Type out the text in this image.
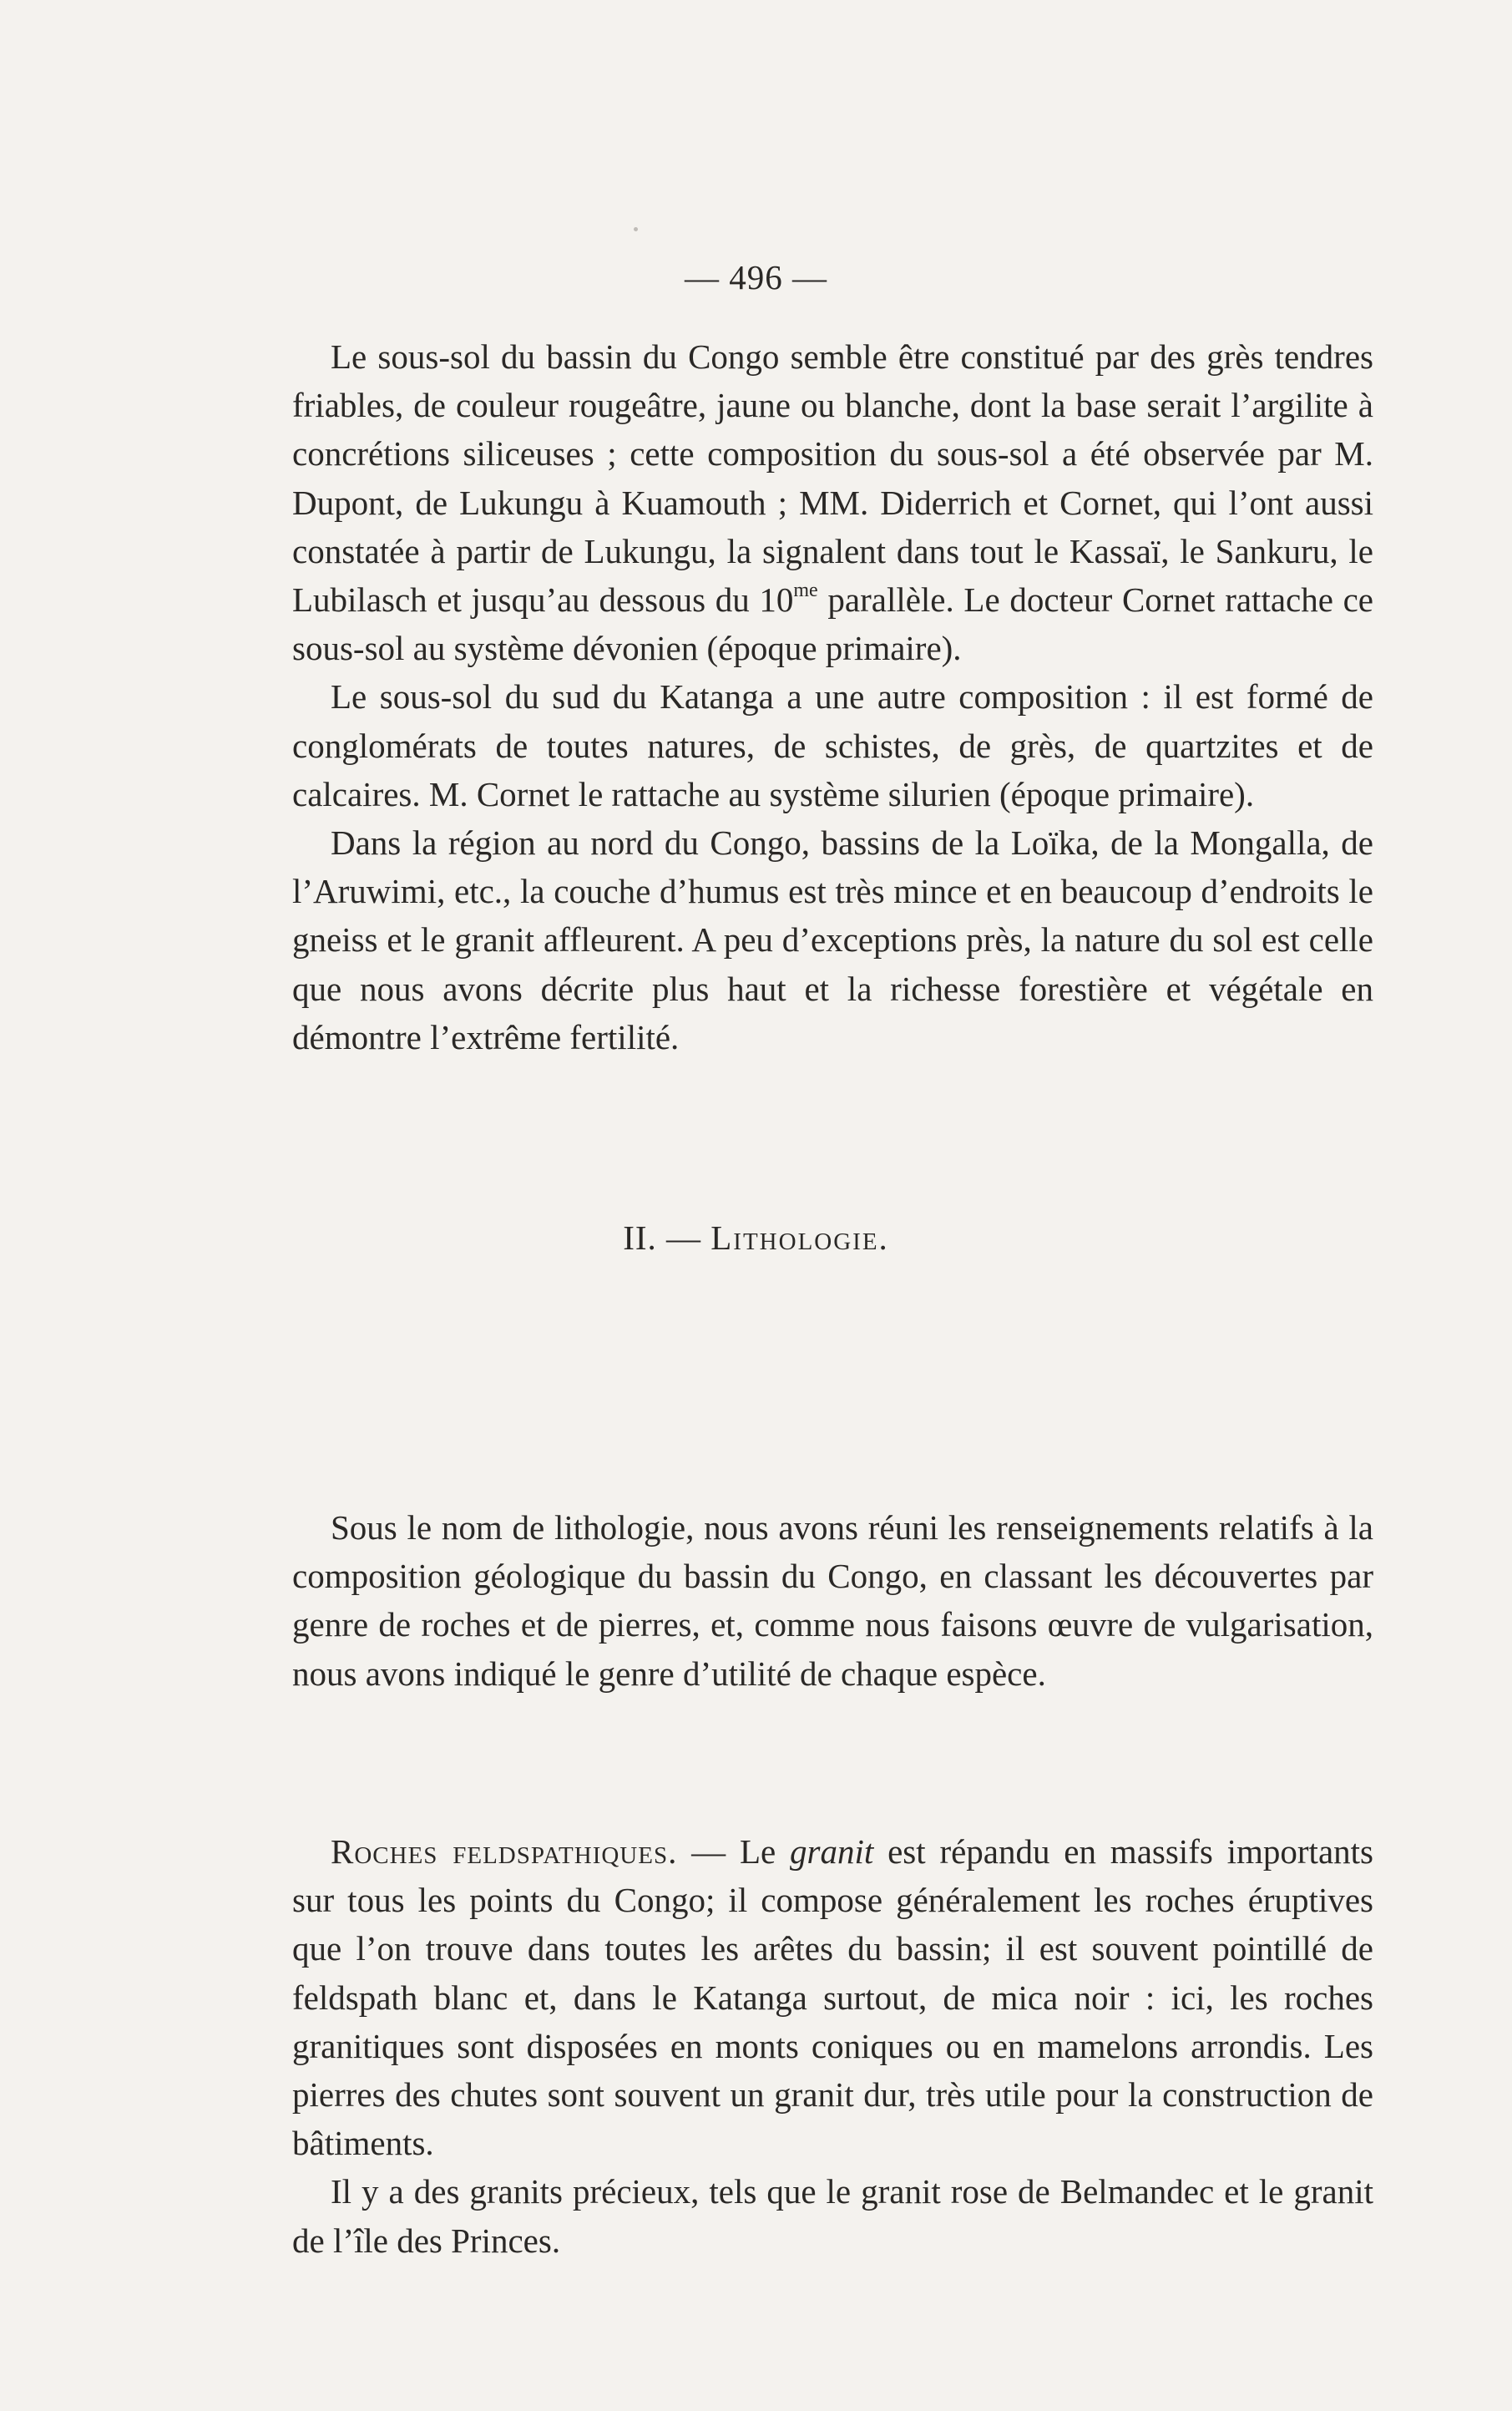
— 496 —

Le sous-sol du bassin du Congo semble être constitué par des grès tendres friables, de couleur rougeâtre, jaune ou blanche, dont la base serait l’argilite à concrétions siliceuses ; cette composition du sous-sol a été observée par M. Dupont, de Lukungu à Kuamouth ; MM. Diderrich et Cornet, qui l’ont aussi constatée à partir de Lukungu, la signalent dans tout le Kassaï, le Sankuru, le Lubilasch et jusqu’au dessous du $10^{me}$ parallèle. Le docteur Cornet rattache ce sous-sol au système dévonien (époque primaire).

Le sous-sol du sud du Katanga a une autre composition : il est formé de conglomérats de toutes natures, de schistes, de grès, de quartzites et de calcaires. M. Cornet le rattache au système silurien (époque primaire).

Dans la région au nord du Congo, bassins de la Loïka, de la Mongalla, de l’Aruwimi, etc., la couche d’humus est très mince et en beaucoup d’endroits le gneiss et le granit affleurent. A peu d’exceptions près, la nature du sol est celle que nous avons décrite plus haut et la richesse forestière et végétale en démontre l’extrême fertilité.

II. — Lithologie.

Sous le nom de lithologie, nous avons réuni les renseignements relatifs à la composition géologique du bassin du Congo, en classant les découvertes par genre de roches et de pierres, et, comme nous faisons œuvre de vulgarisation, nous avons indiqué le genre d’utilité de chaque espèce.

Roches feldspathiques. — Le granit est répandu en massifs importants sur tous les points du Congo; il compose généralement les roches éruptives que l’on trouve dans toutes les arêtes du bassin; il est souvent pointillé de feldspath blanc et, dans le Katanga surtout, de mica noir : ici, les roches granitiques sont disposées en monts coniques ou en mamelons arrondis. Les pierres des chutes sont souvent un granit dur, très utile pour la construction de bâtiments.

Il y a des granits précieux, tels que le granit rose de Belmandec et le granit de l’île des Princes.
